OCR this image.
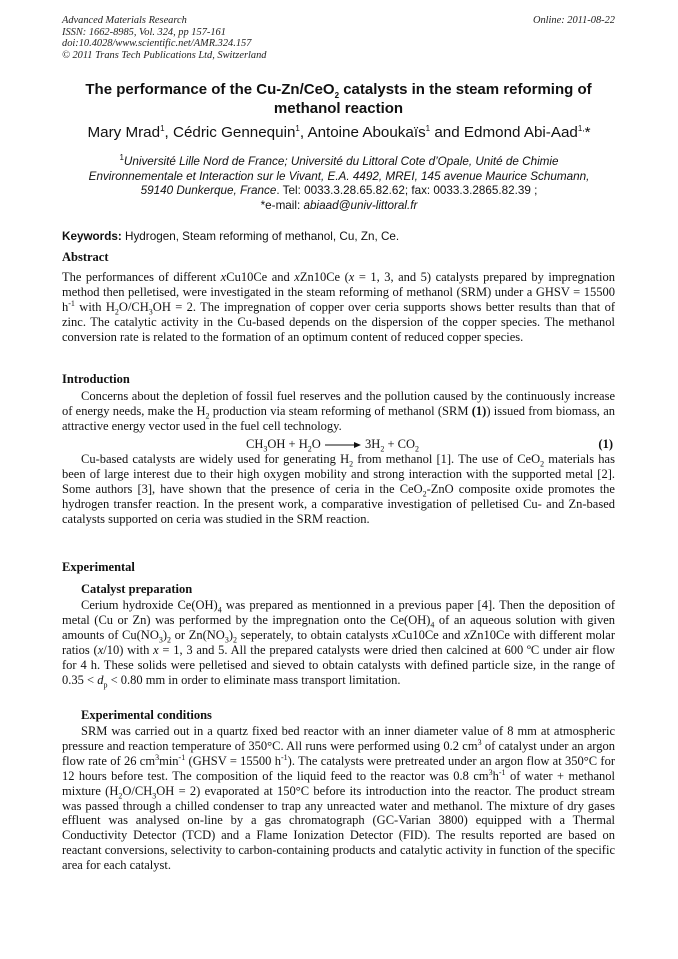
Advanced Materials Research
ISSN: 1662-8985, Vol. 324, pp 157-161
doi:10.4028/www.scientific.net/AMR.324.157
© 2011 Trans Tech Publications Ltd, Switzerland
Online: 2011-08-22
The performance of the Cu-Zn/CeO$_2$ catalysts in the steam reforming of methanol reaction
Mary Mrad$^1$, Cédric Gennequin$^1$, Antoine Aboukaïs$^1$ and Edmond Abi-Aad$^{1,}$*
$^1$Université Lille Nord de France; Université du Littoral Cote d’Opale, Unité de Chimie
Environnementale et Interaction sur le Vivant, E.A. 4492, MREI, 145 avenue Maurice Schumann,
59140 Dunkerque, France. Tel: 0033.3.28.65.82.62; fax: 0033.3.2865.82.39 ;
*e-mail: abiaad@univ-littoral.fr
Keywords: Hydrogen, Steam reforming of methanol, Cu, Zn, Ce.
Abstract

The performances of different xCu10Ce and xZn10Ce (x = 1, 3, and 5) catalysts prepared by impregnation method then pelletised, were investigated in the steam reforming of methanol (SRM) under a GHSV = 15500 $h^{-1}$ with $H_2O/CH_3OH = 2$. The impregnation of copper over ceria supports shows better results than that of zinc. The catalytic activity in the Cu-based depends on the dispersion of the copper species. The methanol conversion rate is related to the formation of an optimum content of reduced copper species.

Introduction

Concerns about the depletion of fossil fuel reserves and the pollution caused by the continuously increase of energy needs, make the $H_2$ production via steam reforming of methanol (SRM (1)) issued from biomass, an attractive energy vector used in the fuel cell technology.

$CH_3OH + H_2O \to 3H_2 + CO_2$	(1)

Cu-based catalysts are widely used for generating $H_2$ from methanol [1]. The use of CeO$_2$ materials has been of large interest due to their high oxygen mobility and strong interaction with the supported metal [2]. Some authors [3], have shown that the presence of ceria in the CeO$_2$-ZnO composite oxide promotes the hydrogen transfer reaction. In the present work, a comparative investigation of pelletised Cu- and Zn-based catalysts supported on ceria was studied in the SRM reaction.

Experimental
Catalyst preparation

Cerium hydroxide $Ce(OH)_4$ was prepared as mentionned in a previous paper [4]. Then the deposition of metal (Cu or Zn) was performed by the impregnation onto the $Ce(OH)_4$ of an aqueous solution with given amounts of $Cu(NO_3)_2$ or $Zn(NO_3)_2$ seperately, to obtain catalysts xCu10Ce and xZn10Ce with different molar ratios (x/10) with x = 1, 3 and 5. All the prepared catalysts were dried then calcined at 600 ºC under air flow for 4 h. These solids were pelletised and sieved to obtain catalysts with defined particle size, in the range of $0.35 < d_p < 0.80$ mm in order to eliminate mass transport limitation.

Experimental conditions

SRM was carried out in a quartz fixed bed reactor with an inner diameter value of 8 mm at atmospheric pressure and reaction temperature of 350°C. All runs were performed using 0.2 $cm^3$ of catalyst under an argon flow rate of 26 $cm^3\min^{-1}$ (GHSV = 15500 $h^{-1}$). The catalysts were pretreated under an argon flow at 350°C for 12 hours before test. The composition of the liquid feed to the reactor was 0.8 $cm^3h^{-1}$ of water + methanol mixture $(H_2O/CH_3OH = 2)$ evaporated at 150°C before its introduction into the reactor. The product stream was passed through a chilled condenser to trap any unreacted water and methanol. The mixture of dry gases effluent was analysed on-line by a gas chromatograph (GC-Varian 3800) equipped with a Thermal Conductivity Detector (TCD) and a Flame Ionization Detector (FID). The results reported are based on reactant conversions, selectivity to carbon-containing products and catalytic activity in function of the specific area for each catalyst.
